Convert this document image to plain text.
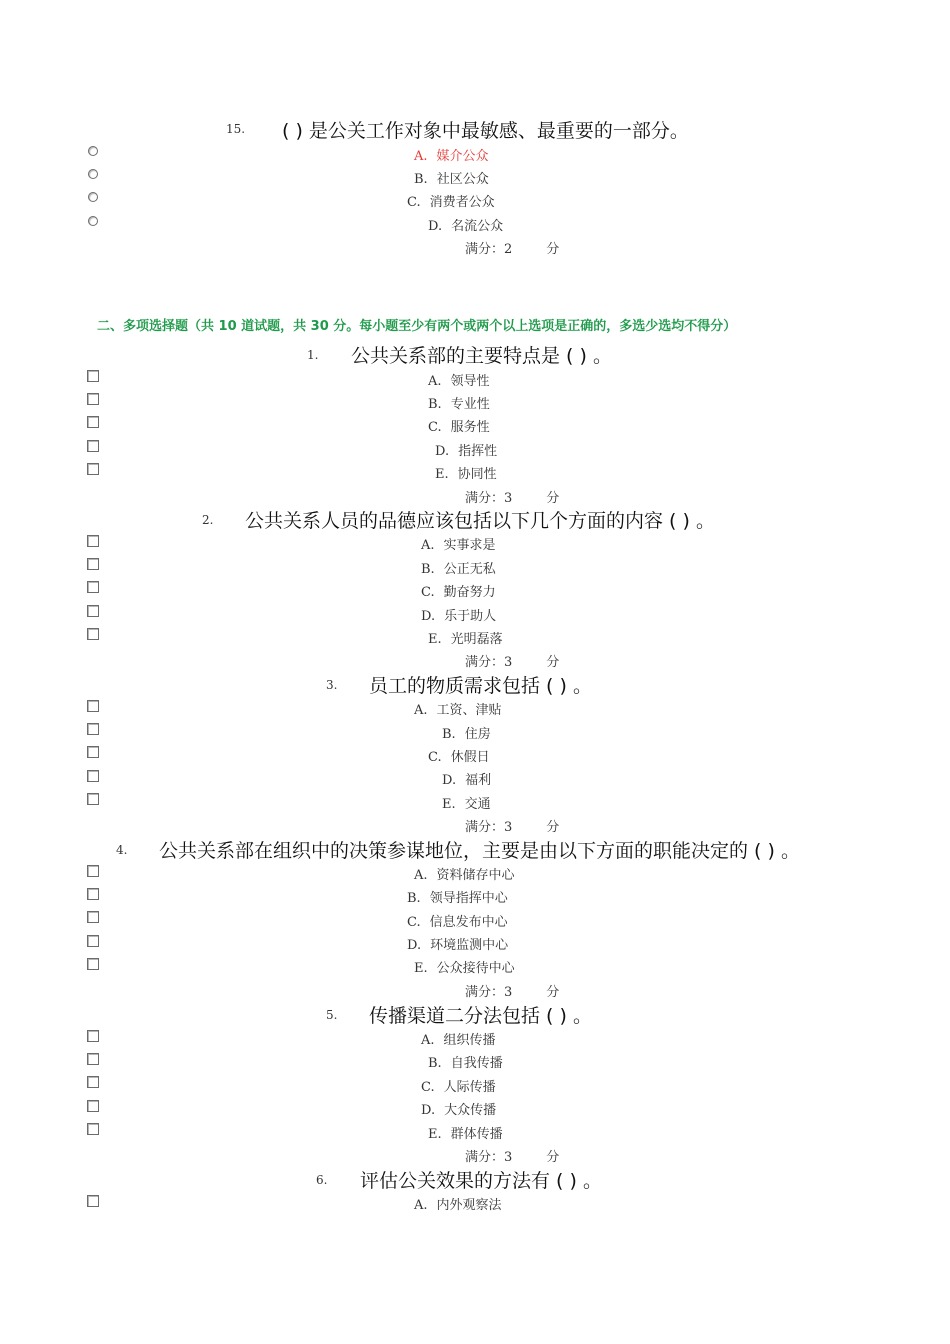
15. ( ) 是公关工作对象中最敏感、最重要的一部分。
A. 媒介公众
B. 社区公众
C. 消费者公众
D. 名流公众
满分：2	分
二、多项选择题（共 10 道试题，共 30 分。每小题至少有两个或两个以上选项是正确的，多选少选均不得分）
1. 公共关系部的主要特点是 ( ) 。
A. 领导性
B. 专业性
C. 服务性
D. 指挥性
E. 协同性
满分：3	分
2. 公共关系人员的品德应该包括以下几个方面的内容 ( ) 。
A. 实事求是
B. 公正无私
C. 勤奋努力
D. 乐于助人
E. 光明磊落
满分：3	分
3. 员工的物质需求包括 ( ) 。
A. 工资、津贴
B. 住房
C. 休假日
D. 福利
E. 交通
满分：3	分
4. 公共关系部在组织中的决策参谋地位，主要是由以下方面的职能决定的 ( ) 。
A. 资料储存中心
B. 领导指挥中心
C. 信息发布中心
D. 环境监测中心
E. 公众接待中心
满分：3	分
5. 传播渠道二分法包括 ( ) 。
A. 组织传播
B. 自我传播
C. 人际传播
D. 大众传播
E. 群体传播
满分：3	分
6. 评估公关效果的方法有 ( ) 。
A. 内外观察法
